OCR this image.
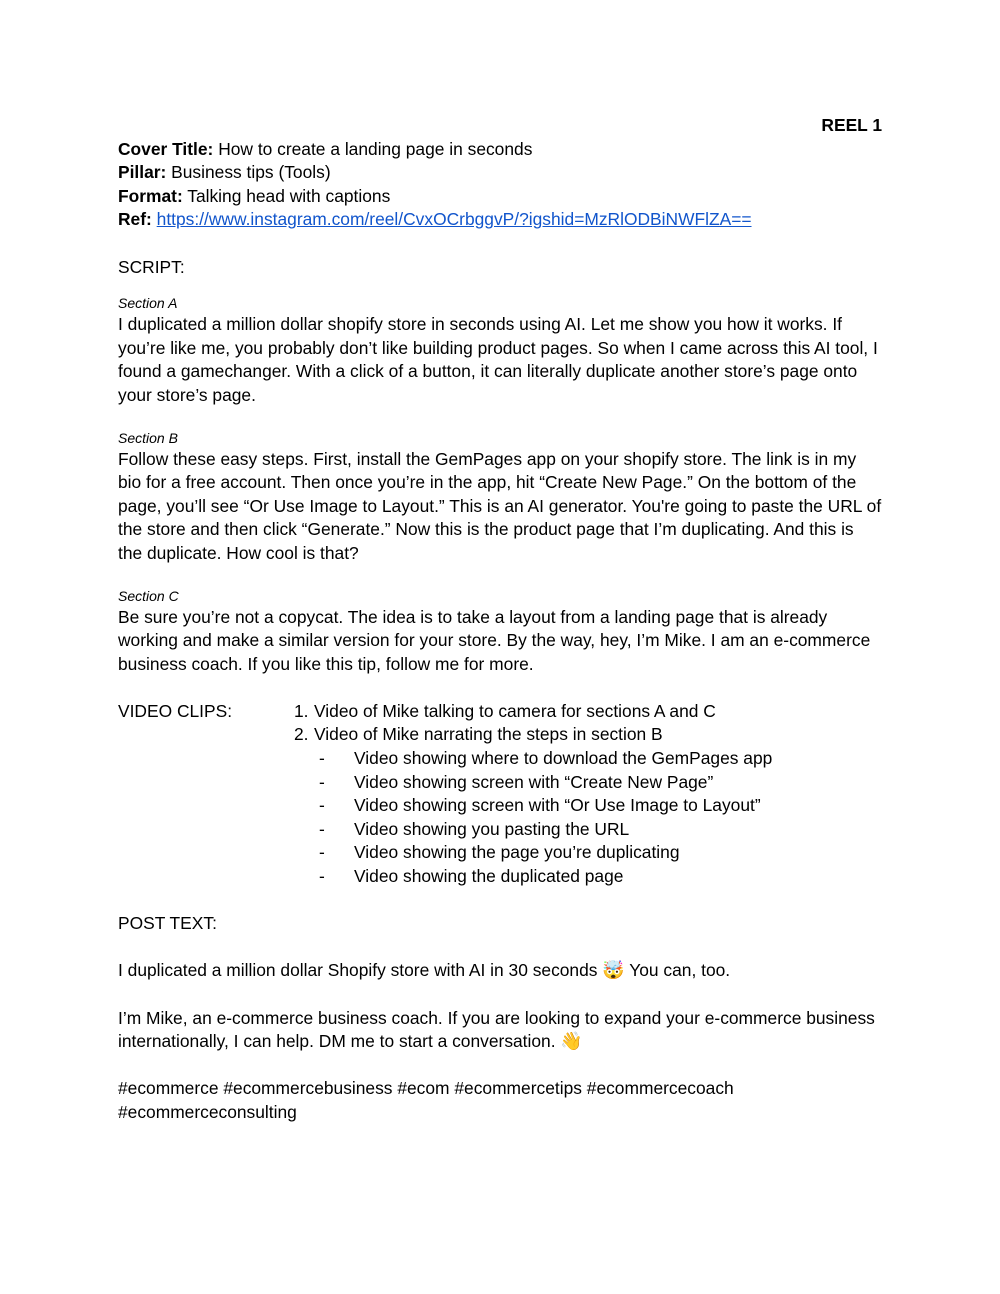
REEL 1
Cover Title: How to create a landing page in seconds
Pillar: Business tips (Tools)
Format: Talking head with captions
Ref: https://www.instagram.com/reel/CvxOCrbggvP/?igshid=MzRlODBiNWFlZA==
SCRIPT:
Section A
I duplicated a million dollar shopify store in seconds using AI. Let me show you how it works. If you’re like me, you probably don’t like building product pages. So when I came across this AI tool, I found a gamechanger. With a click of a button, it can literally duplicate another store’s page onto your store’s page.
Section B
Follow these easy steps. First, install the GemPages app on your shopify store. The link is in my bio for a free account. Then once you’re in the app, hit “Create New Page.” On the bottom of the page, you’ll see “Or Use Image to Layout.” This is an AI generator. You're going to paste the URL of the store and then click “Generate.” Now this is the product page that I’m duplicating. And this is the duplicate. How cool is that?
Section C
Be sure you’re not a copycat. The idea is to take a layout from a landing page that is already working and make a similar version for your store. By the way, hey, I’m Mike. I am an e-commerce business coach. If you like this tip, follow me for more.
VIDEO CLIPS:	1. Video of Mike talking to camera for sections A and C
2. Video of Mike narrating the steps in section B
-	Video showing where to download the GemPages app
-	Video showing screen with “Create New Page”
-	Video showing screen with “Or Use Image to Layout”
-	Video showing you pasting the URL
-	Video showing the page you’re duplicating
-	Video showing the duplicated page
POST TEXT:
I duplicated a million dollar Shopify store with AI in 30 seconds 🤯 You can, too.
I’m Mike, an e-commerce business coach. If you are looking to expand your e-commerce business internationally, I can help. DM me to start a conversation. 👋
#ecommerce #ecommercebusiness #ecom #ecommercetips #ecommercecoach
#ecommerceconsulting
